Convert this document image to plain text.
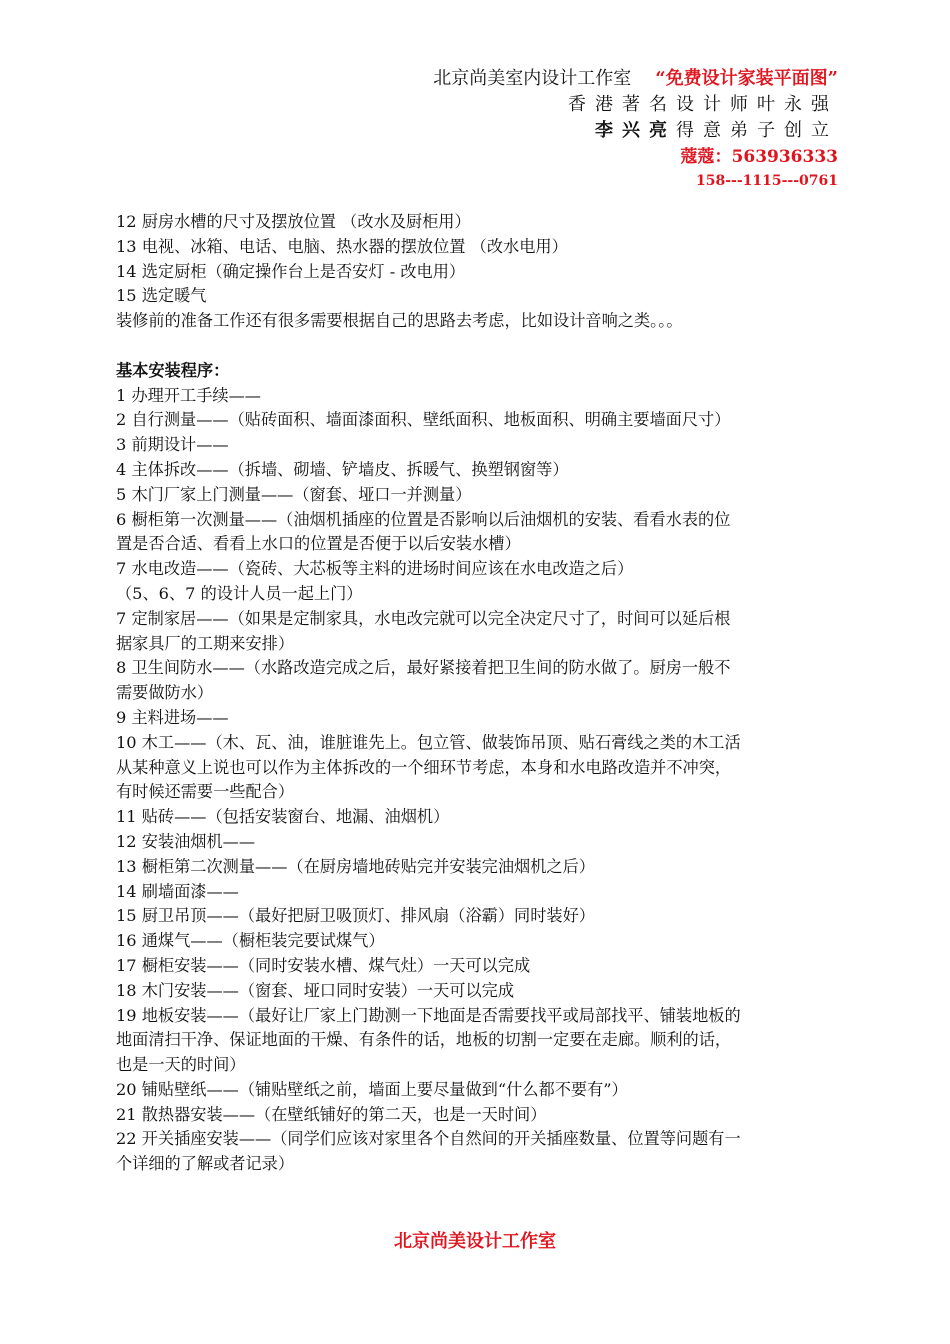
北京尚美室内设计工作室 “免费设计家装平面图”
香港著名设计师叶永强
李兴亮得意弟子创立
蔻蔻：563936333
158---1115---0761

12 厨房水槽的尺寸及摆放位置 （改水及厨柜用）

13 电视、冰箱、电话、电脑、热水器的摆放位置 （改水电用）

14 选定厨柜（确定操作台上是否安灯 - 改电用）

15 选定暖气

装修前的准备工作还有很多需要根据自己的思路去考虑，比如设计音响之类。。。

基本安装程序：

1 办理开工手续——

2 自行测量——（贴砖面积、墙面漆面积、壁纸面积、地板面积、明确主要墙面尺寸）

3 前期设计——

4 主体拆改——（拆墙、砌墙、铲墙皮、拆暖气、换塑钢窗等）

5 木门厂家上门测量——（窗套、垭口一并测量）

6 橱柜第一次测量——（油烟机插座的位置是否影响以后油烟机的安装、看看水表的位

置是否合适、看看上水口的位置是否便于以后安装水槽）

7 水电改造——（瓷砖、大芯板等主料的进场时间应该在水电改造之后）

（5、6、7 的设计人员一起上门）

7 定制家居——（如果是定制家具，水电改完就可以完全决定尺寸了，时间可以延后根

据家具厂的工期来安排）

8 卫生间防水——（水路改造完成之后，最好紧接着把卫生间的防水做了。厨房一般不

需要做防水）

9 主料进场——

10 木工——（木、瓦、油，谁脏谁先上。包立管、做装饰吊顶、贴石膏线之类的木工活

从某种意义上说也可以作为主体拆改的一个细环节考虑，本身和水电路改造并不冲突，

有时候还需要一些配合）

11 贴砖——（包括安装窗台、地漏、油烟机）

12 安装油烟机——

13 橱柜第二次测量——（在厨房墙地砖贴完并安装完油烟机之后）

14 刷墙面漆——

15 厨卫吊顶——（最好把厨卫吸顶灯、排风扇（浴霸）同时装好）

16 通煤气——（橱柜装完要试煤气）

17 橱柜安装——（同时安装水槽、煤气灶）一天可以完成

18 木门安装——（窗套、垭口同时安装）一天可以完成

19 地板安装——（最好让厂家上门勘测一下地面是否需要找平或局部找平、铺装地板的

地面清扫干净、保证地面的干燥、有条件的话，地板的切割一定要在走廊。顺利的话，

也是一天的时间）

20 铺贴壁纸——（铺贴壁纸之前，墙面上要尽量做到“什么都不要有”）

21 散热器安装——（在壁纸铺好的第二天，也是一天时间）

22 开关插座安装——（同学们应该对家里各个自然间的开关插座数量、位置等问题有一

个详细的了解或者记录）

北京尚美设计工作室
